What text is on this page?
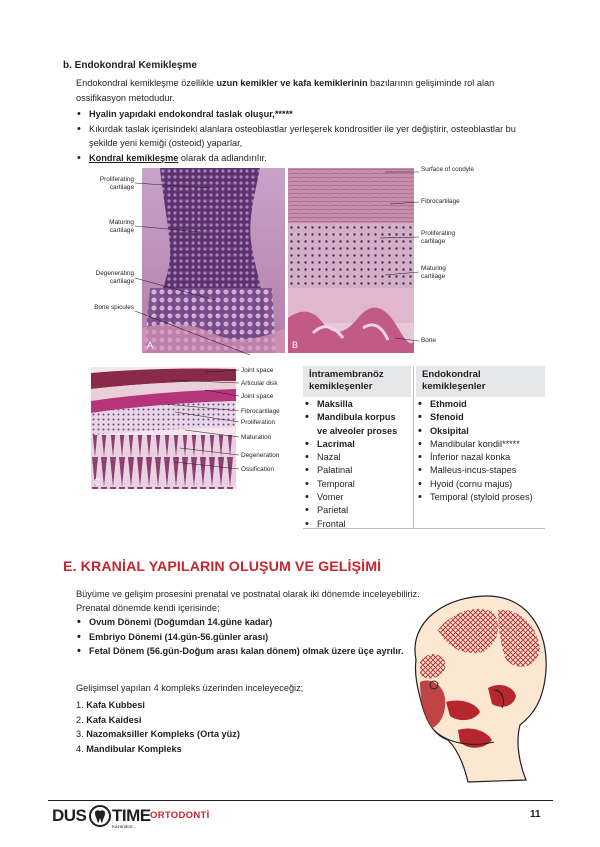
b. Endokondral Kemikleşme
Endokondral kemikleşme özellikle uzun kemikler ve kafa kemiklerinin bazılarının gelişiminde rol alan ossifikasyon metodudur.
• Hyalin yapıdaki endokondral taslak oluşur,*****
• Kıkırdak taslak içerisindeki alanlara osteoblastlar yerleşerek kondrositler ile yer değiştirir, osteoblastlar bu şekilde yeni kemiği (osteoid) yaparlar,
• Kondral kemikleşme olarak da adlandırılır.
A
Proliferating cartilage
Maturing cartilage
Degenerating cartilage
Bone spicules
B
Surface of condyle
Fibrocartilage
Proliferating cartilage
Maturing cartilage
Bone
C
Joint space
Articular disk
Joint space
Fibrocartilage
Proliferation
Maturation
Degeneration
Ossification
İntramembranöz kemikleşenler
Endokondral kemikleşenler
• Maksilla
• Mandibula korpus ve alveoler proses
• Lacrimal
• Nazal
• Palatinal
• Temporal
• Vomer
• Parietal
• Frontal
• Ethmoid
• Sfenoid
• Oksipital
• Mandibular kondil*****
• İnferior nazal konka
• Malleus-incus-stapes
• Hyoid (cornu majus)
• Temporal (styloid proses)
E. KRANİAL YAPILARIN OLUŞUM VE GELİŞİMİ
Büyüme ve gelişim prosesini prenatal ve postnatal olarak iki dönemde inceleyebiliriz.
Prenatal dönemde kendi içerisinde;
• Ovum Dönemi (Doğumdan 14.güne kadar)
• Embriyo Dönemi (14.gün-56.günler arası)
• Fetal Dönem (56.gün-Doğum arası kalan dönem) olmak üzere üçe ayrılır.
Gelişimsel yapıları 4 kompleks üzerinden inceleyeceğiz;
1. Kafa Kubbesi
2. Kafa Kaidesi
3. Nazomaksiller Kompleks (Orta yüz)
4. Mandibular Kompleks
DUS TIME
Kazandırır...
ORTODONTİ	11
